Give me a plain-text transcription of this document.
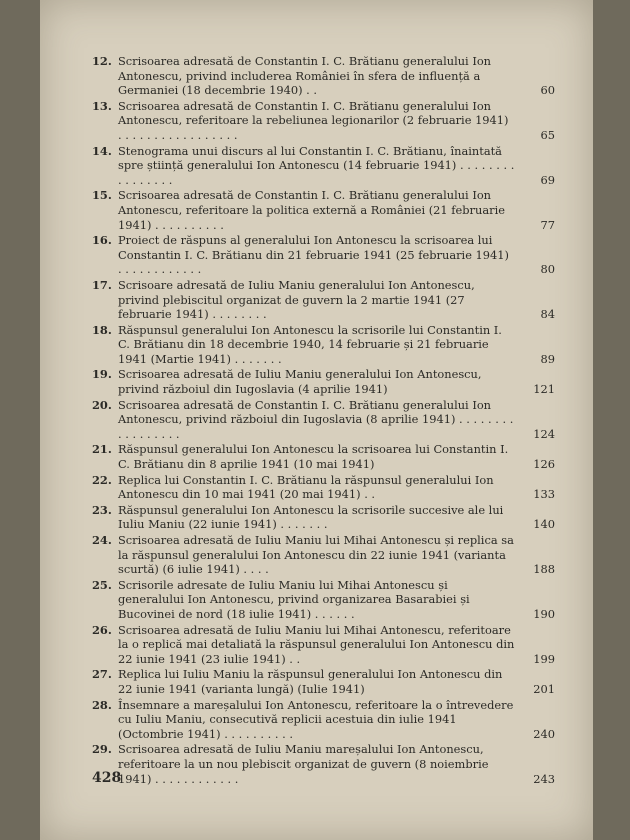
12. Scrisoarea adresată de Constantin I. C. Brătianu generalului Ion Antonescu, privind includerea României în sfera de influență a Germaniei (18 decembrie 1940) . .	60
13. Scrisoarea adresată de Constantin I. C. Brătianu generalului Ion Antonescu, referitoare la rebeliunea legionarilor (2 februarie 1941) . . . . . . . . . . . . . . . . .	65
14. Stenograma unui discurs al lui Constantin I. C. Brătianu, înaintată spre știință generalului Ion Antonescu (14 februarie 1941) . . . . . . . . . . . . . . . .	69
15. Scrisoarea adresată de Constantin I. C. Brătianu generalului Ion Antonescu, referitoare la politica externă a României (21 februarie 1941) . . . . . . . . . .	77
16. Proiect de răspuns al generalului Ion Antonescu la scrisoarea lui Constantin I. C. Brătianu din 21 februarie 1941 (25 februarie 1941) . . . . . . . . . . . .	80
17. Scrisoare adresată de Iuliu Maniu generalului Ion Antonescu, privind plebiscitul organizat de guvern la 2 martie 1941 (27 februarie 1941) . . . . . . . .	84
18. Răspunsul generalului Ion Antonescu la scrisorile lui Constantin I. C. Brătianu din 18 decembrie 1940, 14 februarie și 21 februarie 1941 (Martie 1941) . . . . . . .	89
19. Scrisoarea adresată de Iuliu Maniu generalului Ion Antonescu, privind războiul din Iugoslavia (4 aprilie 1941)	121
20. Scrisoarea adresată de Constantin I. C. Brătianu generalului Ion Antonescu, privind războiul din Iugoslavia (8 aprilie 1941) . . . . . . . . . . . . . . . . .	124
21. Răspunsul generalului Ion Antonescu la scrisoarea lui Constantin I. C. Brătianu din 8 aprilie 1941 (10 mai 1941)	126
22. Replica lui Constantin I. C. Brătianu la răspunsul generalului Ion Antonescu din 10 mai 1941 (20 mai 1941) . .	133
23. Răspunsul generalului Ion Antonescu la scrisorile succesive ale lui Iuliu Maniu (22 iunie 1941) . . . . . . .	140
24. Scrisoarea adresată de Iuliu Maniu lui Mihai Antonescu și replica sa la răspunsul generalului Ion Antonescu din 22 iunie 1941 (varianta scurtă) (6 iulie 1941) . . . .	188
25. Scrisorile adresate de Iuliu Maniu lui Mihai Antonescu și generalului Ion Antonescu, privind organizarea Basarabiei și Bucovinei de nord (18 iulie 1941) . . . . . .	190
26. Scrisoarea adresată de Iuliu Maniu lui Mihai Antonescu, referitoare la o replică mai detaliată la răspunsul generalului Ion Antonescu din 22 iunie 1941 (23 iulie 1941) . .	199
27. Replica lui Iuliu Maniu la răspunsul generalului Ion Antonescu din 22 iunie 1941 (varianta lungă) (Iulie 1941)	201
28. Însemnare a mareșalului Ion Antonescu, referitoare la o întrevedere cu Iuliu Maniu, consecutivă replicii acestuia din iulie 1941 (Octombrie 1941) . . . . . . . . . .	240
29. Scrisoarea adresată de Iuliu Maniu mareșalului Ion Antonescu, referitoare la un nou plebiscit organizat de guvern (8 noiembrie 1941) . . . . . . . . . . . .	243
428
